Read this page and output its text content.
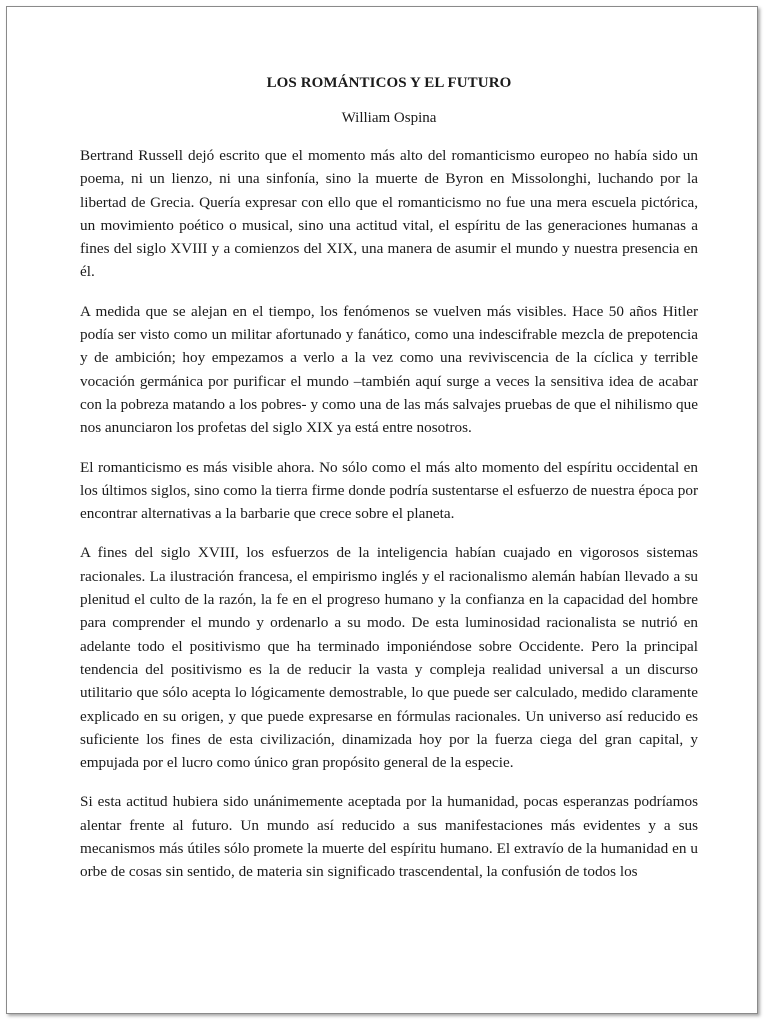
LOS ROMÁNTICOS Y EL FUTURO
William Ospina

Bertrand Russell dejó escrito que el momento más alto del romanticismo europeo no había sido un poema, ni un lienzo, ni una sinfonía, sino la muerte de Byron en Missolonghi, luchando por la libertad de Grecia. Quería expresar con ello que el romanticismo no fue una mera escuela pictórica, un movimiento poético o musical, sino una actitud vital, el espíritu de las generaciones humanas a fines del siglo XVIII y a comienzos del XIX, una manera de asumir el mundo y nuestra presencia en él.

A medida que se alejan en el tiempo, los fenómenos se vuelven más visibles. Hace 50 años Hitler podía ser visto como un militar afortunado y fanático, como una indescifrable mezcla de prepotencia y de ambición; hoy empezamos a verlo a la vez como una reviviscencia de la cíclica y terrible vocación germánica por purificar el mundo –también aquí surge a veces la sensitiva idea de acabar con la pobreza matando a los pobres- y como una de las más salvajes pruebas de que el nihilismo que nos anunciaron los profetas del siglo XIX ya está entre nosotros.

El romanticismo es más visible ahora. No sólo como el más alto momento del espíritu occidental en los últimos siglos, sino como la tierra firme donde podría sustentarse el esfuerzo de nuestra época por encontrar alternativas a la barbarie que crece sobre el planeta.

A fines del siglo XVIII, los esfuerzos de la inteligencia habían cuajado en vigorosos sistemas racionales. La ilustración francesa, el empirismo inglés y el racionalismo alemán habían llevado a su plenitud el culto de la razón, la fe en el progreso humano y la confianza en la capacidad del hombre para comprender el mundo y ordenarlo a su modo. De esta luminosidad racionalista se nutrió en adelante todo el positivismo que ha terminado imponiéndose sobre Occidente. Pero la principal tendencia del positivismo es la de reducir la vasta y compleja realidad universal a un discurso utilitario que sólo acepta lo lógicamente demostrable, lo que puede ser calculado, medido claramente explicado en su origen, y que puede expresarse en fórmulas racionales. Un universo así reducido es suficiente los fines de esta civilización, dinamizada hoy por la fuerza ciega del gran capital, y empujada por el lucro como único gran propósito general de la especie.

Si esta actitud hubiera sido unánimemente aceptada por la humanidad, pocas esperanzas podríamos alentar frente al futuro. Un mundo así reducido a sus manifestaciones más evidentes y a sus mecanismos más útiles sólo promete la muerte del espíritu humano. El extravío de la humanidad en u orbe de cosas sin sentido, de materia sin significado trascendental, la confusión de todos los
